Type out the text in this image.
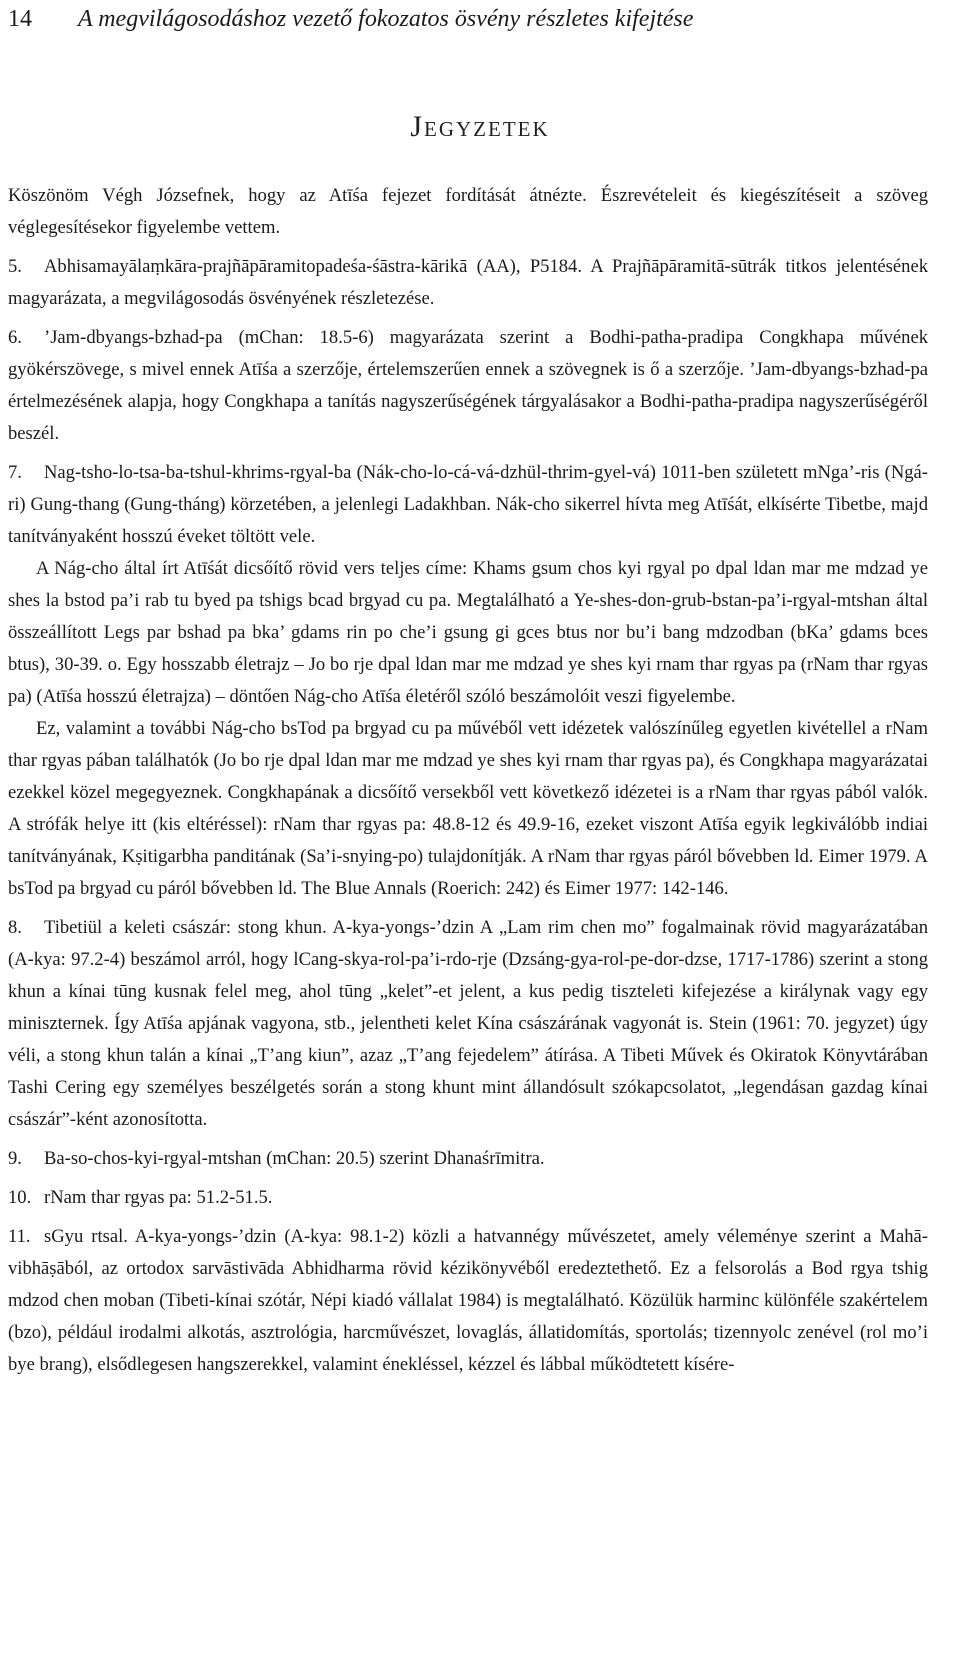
14	A megvilágosodáshoz vezető fokozatos ösvény részletes kifejtése
Jegyzetek

Köszönöm Végh Józsefnek, hogy az Atīśa fejezet fordítását átnézte. Észrevételeit és kiegészítéseit a szöveg véglegesítésekor figyelembe vettem.

5. Abhisamayālaṃkāra-prajñāpāramitopadeśa-śāstra-kārikā (AA), P5184. A Prajñāpāramitā-sūtrák titkos jelentésének magyarázata, a megvilágosodás ösvényének részletezése.

6. ’Jam-dbyangs-bzhad-pa (mChan: 18.5-6) magyarázata szerint a Bodhi-patha-pradipa Congkhapa művének gyökérszövege, s mivel ennek Atīśa a szerzője, értelemszerűen ennek a szövegnek is ő a szerzője. ’Jam-dbyangs-bzhad-pa értelmezésének alapja, hogy Congkhapa a tanítás nagyszerűségének tárgyalásakor a Bodhi-patha-pradipa nagyszerűségéről beszél.

7. Nag-tsho-lo-tsa-ba-tshul-khrims-rgyal-ba (Nák-cho-lo-cá-vá-dzhül-thrim-gyel-vá) 1011-ben született mNga’-ris (Ngá-ri) Gung-thang (Gung-tháng) körzetében, a jelenlegi Ladakhban. Nák-cho sikerrel hívta meg Atīśát, elkísérte Tibetbe, majd tanítványaként hosszú éveket töltött vele.

A Nág-cho által írt Atīśát dicsőítő rövid vers teljes címe: Khams gsum chos kyi rgyal po dpal ldan mar me mdzad ye shes la bstod pa’i rab tu byed pa tshigs bcad brgyad cu pa. Megtalálható a Ye-shes-don-grub-bstan-pa’i-rgyal-mtshan által összeállított Legs par bshad pa bka’ gdams rin po che’i gsung gi gces btus nor bu’i bang mdzodban (bKa’ gdams bces btus), 30-39. o. Egy hosszabb életrajz – Jo bo rje dpal ldan mar me mdzad ye shes kyi rnam thar rgyas pa (rNam thar rgyas pa) (Atīśa hosszú életrajza) – döntően Nág-cho Atīśa életéről szóló beszámolóit veszi figyelembe.

Ez, valamint a további Nág-cho bsTod pa brgyad cu pa művéből vett idézetek valószínűleg egyetlen kivétellel a rNam thar rgyas pában találhatók (Jo bo rje dpal ldan mar me mdzad ye shes kyi rnam thar rgyas pa), és Congkhapa magyarázatai ezekkel közel megegyeznek. Congkhapának a dicsőítő versekből vett következő idézetei is a rNam thar rgyas pából valók. A strófák helye itt (kis eltéréssel): rNam thar rgyas pa: 48.8-12 és 49.9-16, ezeket viszont Atīśa egyik legkiválóbb indiai tanítványának, Kṣitigarbha panditának (Sa’i-snying-po) tulajdonítják. A rNam thar rgyas páról bővebben ld. Eimer 1979. A bsTod pa brgyad cu páról bővebben ld. The Blue Annals (Roerich: 242) és Eimer 1977: 142-146.

8. Tibetiül a keleti császár: stong khun. A-kya-yongs-’dzin A „Lam rim chen mo” fogalmainak rövid magyarázatában (A-kya: 97.2-4) beszámol arról, hogy lCang-skya-rol-pa’i-rdo-rje (Dzsáng-gya-rol-pe-dor-dzse, 1717-1786) szerint a stong khun a kínai tūng kusnak felel meg, ahol tūng „kelet”-et jelent, a kus pedig tiszteleti kifejezése a királynak vagy egy miniszternek. Így Atīśa apjának vagyona, stb., jelentheti kelet Kína császárának vagyonát is. Stein (1961: 70. jegyzet) úgy véli, a stong khun talán a kínai „T’ang kiun”, azaz „T’ang fejedelem” átírása. A Tibeti Művek és Okiratok Könyvtárában Tashi Cering egy személyes beszélgetés során a stong khunt mint állandósult szókapcsolatot, „legendásan gazdag kínai császár”-ként azonosította.

9. Ba-so-chos-kyi-rgyal-mtshan (mChan: 20.5) szerint Dhanaśrīmitra.

10. rNam thar rgyas pa: 51.2-51.5.

11. sGyu rtsal. A-kya-yongs-’dzin (A-kya: 98.1-2) közli a hatvannégy művészetet, amely véleménye szerint a Mahā-vibhāṣāból, az ortodox sarvāstivāda Abhidharma rövid kézikönyvéből eredeztethető. Ez a felsorolás a Bod rgya tshig mdzod chen moban (Tibeti-kínai szótár, Népi kiadó vállalat 1984) is megtalálható. Közülük harminc különféle szakértelem (bzo), például irodalmi alkotás, asztrológia, harcművészet, lovaglás, állatidomítás, sportolás; tizennyolc zenével (rol mo’i bye brang), elsődlegesen hangszerekkel, valamint énekléssel, kézzel és lábbal működtetett kísére-
